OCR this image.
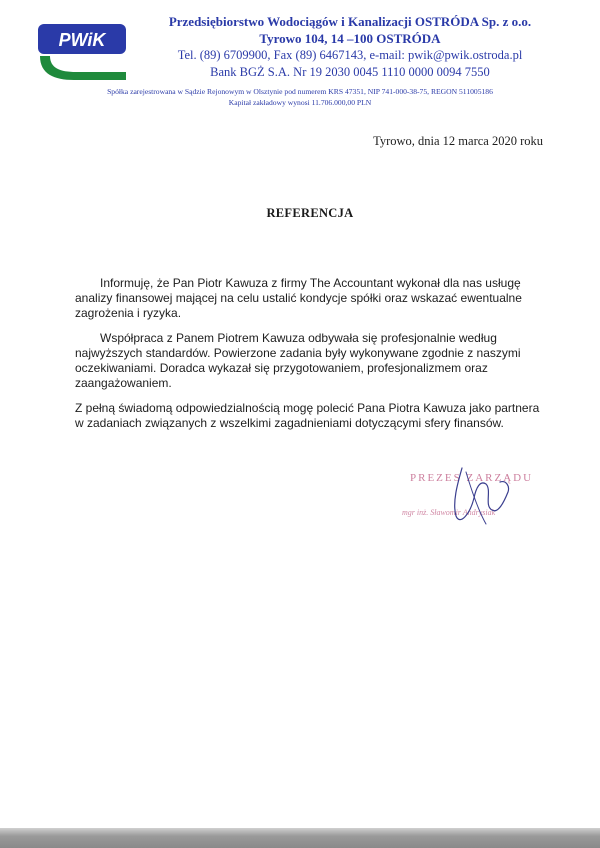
PWiK
Przedsiębiorstwo Wodociągów i Kanalizacji OSTRÓDA Sp. z o.o.
Tyrowo 104, 14 –100 OSTRÓDA
Tel. (89) 6709900, Fax (89) 6467143, e-mail: pwik@pwik.ostroda.pl
Bank BGŻ S.A. Nr 19 2030 0045 1110 0000 0094 7550
Spółka zarejestrowana w Sądzie Rejonowym w Olsztynie pod numerem KRS 47351, NIP 741-000-38-75, REGON 511005186
Kapitał zakładowy wynosi 11.706.000,00 PLN
Tyrowo, dnia 12 marca 2020 roku
REFERENCJA

Informuję, że Pan Piotr Kawuza z firmy The Accountant wykonał dla nas usługę analizy finansowej mającej na celu ustalić kondycje spółki oraz wskazać ewentualne zagrożenia i ryzyka.

Współpraca z Panem Piotrem Kawuza odbywała się profesjonalnie według najwyższych standardów. Powierzone zadania były wykonywane zgodnie z naszymi oczekiwaniami. Doradca wykazał się przygotowaniem, profesjonalizmem oraz zaangażowaniem.

Z pełną świadomą odpowiedzialnością mogę polecić Pana Piotra Kawuza jako partnera w zadaniach związanych z wszelkimi zagadnieniami dotyczącymi sfery finansów.

PREZES ZARZĄDU
mgr inż. Sławomir Andrysiak
